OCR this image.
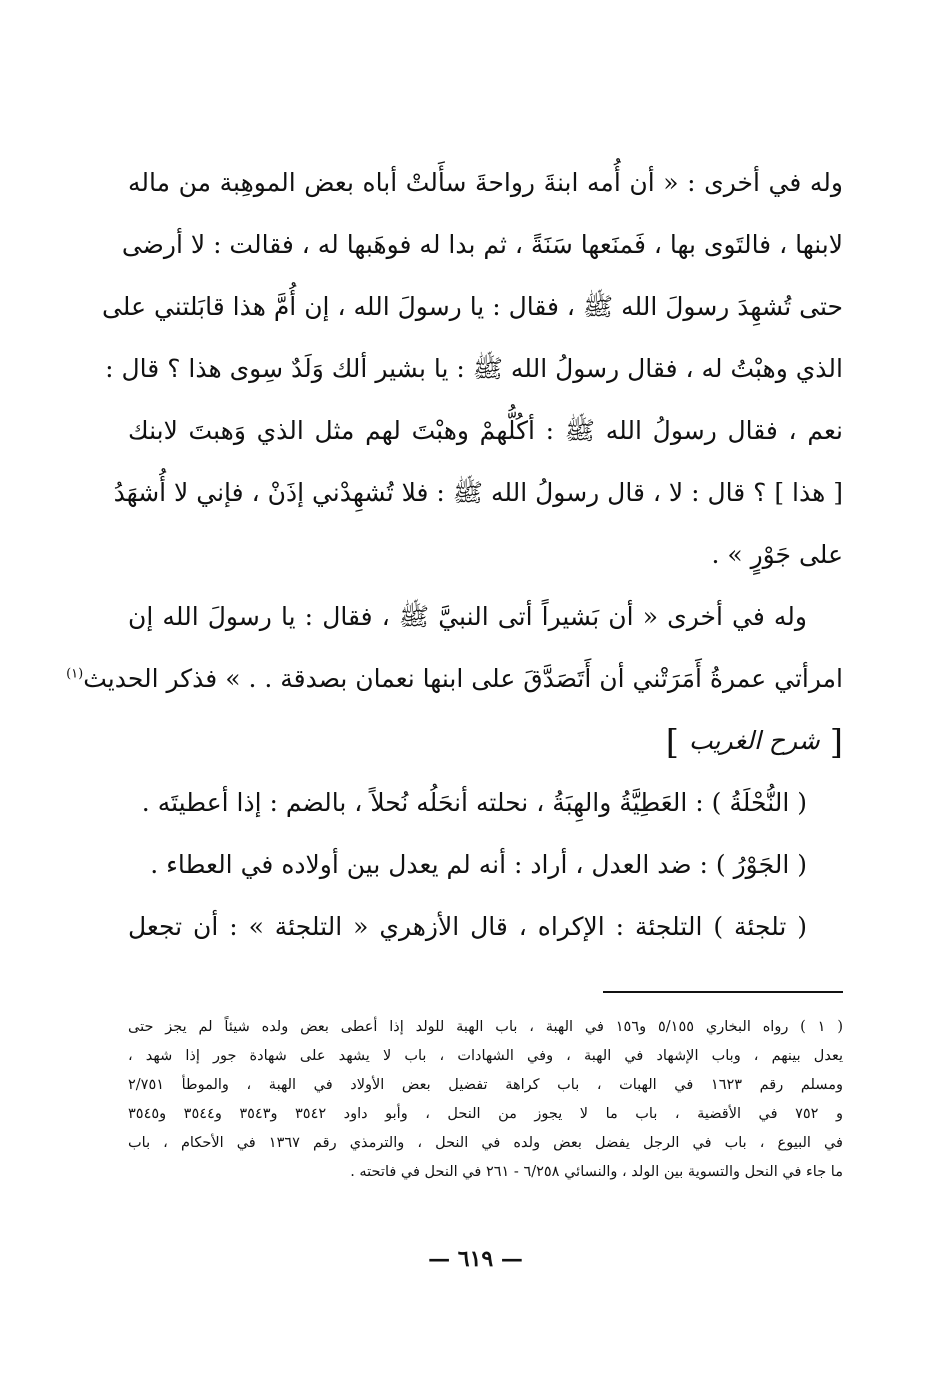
وله في أخرى : « أن أُمه ابنةَ رواحةَ سأَلتْ أباه بعض الموهِبة من ماله
لابنها ، فالتَوى بها ، فَمنَعها سَنَةً ، ثم بدا له فوهَبها له ، فقالت : لا أرضى
حتى تُشهِدَ رسولَ الله ﷺ ، فقال : يا رسولَ الله ، إن أُمَّ هذا قابَلتني على
الذي وهبْتُ له ، فقال رسولُ الله ﷺ : يا بشير ألك وَلَدٌ سِوى هذا ؟ قال :
نعم ، فقال رسولُ الله ﷺ : أكُلُّهمْ وهبْتَ لهم مثل الذي وَهبتَ لابنك
[ هذا ] ؟ قال : لا ، قال رسولُ الله ﷺ : فلا تُشهِدْني إذَنْ ، فإني لا أُشهَدُ
على جَوْرٍ » .
وله في أخرى « أن بَشيراً أتى النبيَّ ﷺ ، فقال : يا رسولَ الله إن
امرأتي عمرةُ أَمَرَتْني أن أَتَصَدَّقَ على ابنها نعمان بصدقة . . » فذكر الحديث$^{(١)}$
[شرح الغريب]
( النُّحْلَةُ ) : العَطِيَّةُ والهِبَةُ ، نحلته أنحَلُه نُحلاً ، بالضم : إذا أعطيتَه .
( الجَوْرُ ) : ضد العدل ، أراد : أنه لم يعدل بين أولاده في العطاء .
( تلجئة ) التلجئة : الإكراه ، قال الأزهري « التلجئة » : أن تجعل
( ١ ) رواه البخاري ٥/١٥٥ و١٥٦ في الهبة ، باب الهبة للولد إذا أعطى بعض ولده شيئاً لم يجز حتى
يعدل بينهم ، وباب الإشهاد في الهبة ، وفي الشهادات ، باب لا يشهد على شهادة جور إذا شهد ،
ومسلم رقم ١٦٢٣ في الهبات ، باب كراهة تفضيل بعض الأولاد في الهبة ، والموطأ ٢/٧٥١
و ٧٥٢ في الأقضية ، باب ما لا يجوز من النحل ، وأبو داود ٣٥٤٢ و٣٥٤٣ و٣٥٤٤ و٣٥٤٥
في البيوع ، باب في الرجل يفضل بعض ولده في النحل ، والترمذي رقم ١٣٦٧ في الأحكام ، باب
ما جاء في النحل والتسوية بين الولد ، والنسائي ٦/٢٥٨ - ٢٦١ في النحل في فاتحته .
— ٦١٩ —
